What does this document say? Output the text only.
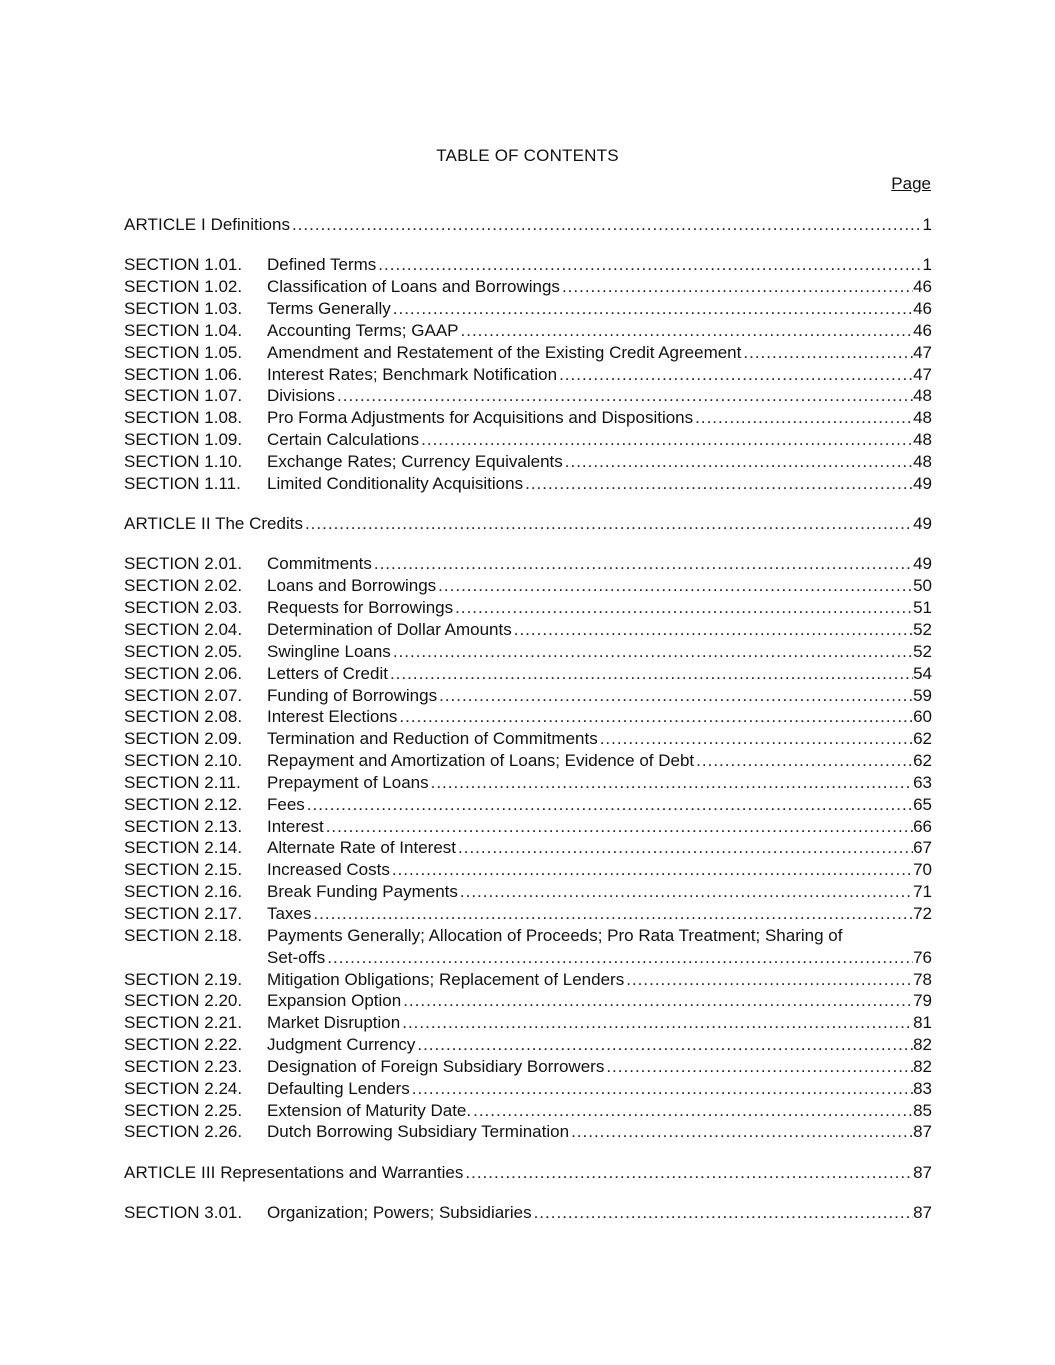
TABLE OF CONTENTS
Page
ARTICLE I Definitions .....	1
SECTION 1.01.	Defined Terms .....	1
SECTION 1.02.	Classification of Loans and Borrowings .....	46
SECTION 1.03.	Terms Generally .....	46
SECTION 1.04.	Accounting Terms; GAAP .....	46
SECTION 1.05.	Amendment and Restatement of the Existing Credit Agreement .....	47
SECTION 1.06.	Interest Rates; Benchmark Notification .....	47
SECTION 1.07.	Divisions .....	48
SECTION 1.08.	Pro Forma Adjustments for Acquisitions and Dispositions .....	48
SECTION 1.09.	Certain Calculations .....	48
SECTION 1.10.	Exchange Rates; Currency Equivalents .....	48
SECTION 1.11.	Limited Conditionality Acquisitions .....	49
ARTICLE II The Credits .....	49
SECTION 2.01.	Commitments .....	49
SECTION 2.02.	Loans and Borrowings .....	50
SECTION 2.03.	Requests for Borrowings .....	51
SECTION 2.04.	Determination of Dollar Amounts .....	52
SECTION 2.05.	Swingline Loans .....	52
SECTION 2.06.	Letters of Credit .....	54
SECTION 2.07.	Funding of Borrowings .....	59
SECTION 2.08.	Interest Elections .....	60
SECTION 2.09.	Termination and Reduction of Commitments .....	62
SECTION 2.10.	Repayment and Amortization of Loans; Evidence of Debt .....	62
SECTION 2.11.	Prepayment of Loans .....	63
SECTION 2.12.	Fees .....	65
SECTION 2.13.	Interest .....	66
SECTION 2.14.	Alternate Rate of Interest .....	67
SECTION 2.15.	Increased Costs .....	70
SECTION 2.16.	Break Funding Payments .....	71
SECTION 2.17.	Taxes .....	72
SECTION 2.18.	Payments Generally; Allocation of Proceeds; Pro Rata Treatment; Sharing of
Set-offs .....	76
SECTION 2.19.	Mitigation Obligations; Replacement of Lenders .....	78
SECTION 2.20.	Expansion Option .....	79
SECTION 2.21.	Market Disruption .....	81
SECTION 2.22.	Judgment Currency .....	82
SECTION 2.23.	Designation of Foreign Subsidiary Borrowers .....	82
SECTION 2.24.	Defaulting Lenders .....	83
SECTION 2.25.	Extension of Maturity Date. .....	85
SECTION 2.26.	Dutch Borrowing Subsidiary Termination .....	87
ARTICLE III Representations and Warranties .....	87
SECTION 3.01.	Organization; Powers; Subsidiaries .....	87
